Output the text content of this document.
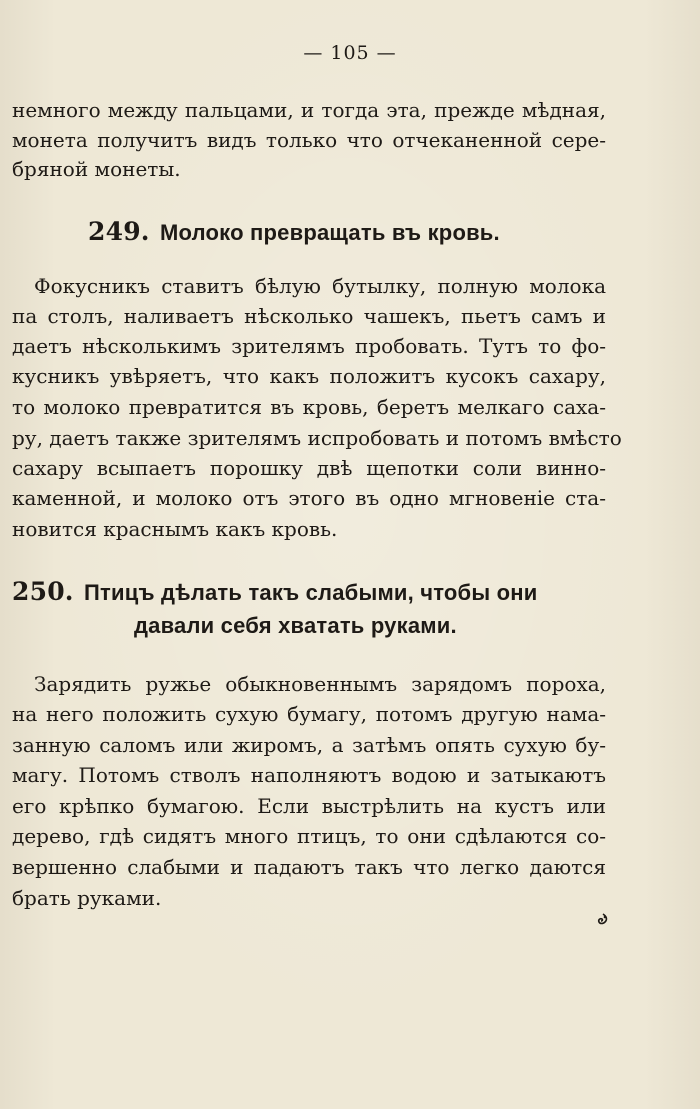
— 105 —
немного между пальцами, и тогда эта, прежде мѣдная,
монета получитъ видъ только что отчеканенной сере-
бряной монеты.
249. Молоко превращать въ кровь.
Фокусникъ ставитъ бѣлую бутылку, полную молока
па столъ, наливаетъ нѣсколько чашекъ, пьетъ самъ и
даетъ нѣсколькимъ зрителямъ пробовать. Тутъ то фо-
кусникъ увѣряетъ, что какъ положитъ кусокъ сахару,
то молоко превратится въ кровь, беретъ мелкаго саха-
ру, даетъ также зрителямъ испробовать и потомъ вмѣсто
сахару всыпаетъ порошку двѣ щепотки соли винно-
каменной, и молоко отъ этого въ одно мгновеніе ста-
новится краснымъ какъ кровь.
250. Птицъ дѣлать такъ слабыми, чтобы они
давали себя хватать руками.
Зарядить ружье обыкновеннымъ зарядомъ пороха,
на него положить сухую бумагу, потомъ другую нама-
занную саломъ или жиромъ, а затѣмъ опять сухую бу-
магу. Потомъ стволъ наполняютъ водою и затыкаютъ
его крѣпко бумагою. Если выстрѣлить на кустъ или
дерево, гдѣ сидятъ много птицъ, то они сдѣлаются со-
вершенно слабыми и падаютъ такъ что легко даются
брать руками.
